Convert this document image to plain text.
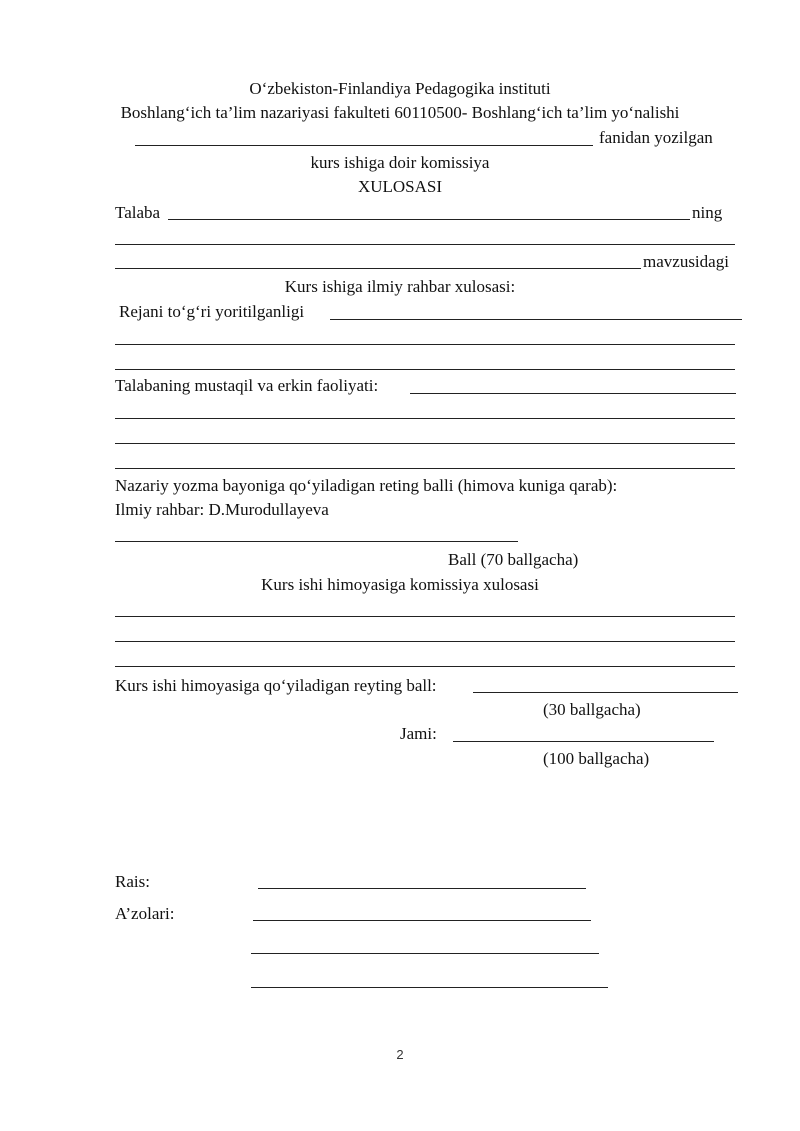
O‘zbekiston-Finlandiya Pedagogika instituti
Boshlang‘ich ta’lim nazariyasi fakulteti 60110500- Boshlang‘ich ta’lim yo‘nalishi
fanidan yozilgan
kurs ishiga doir komissiya
XULOSASI
Talaba	ning
mavzusidagi
Kurs ishiga ilmiy rahbar xulosasi:
Rejani to‘g‘ri yoritilganligi
Talabaning mustaqil va erkin faoliyati:
Nazariy yozma bayoniga qo‘yiladigan reting balli (himova kuniga qarab):
Ilmiy rahbar: D.Murodullayeva
Ball (70 ballgacha)
Kurs ishi himoyasiga komissiya xulosasi
Kurs ishi himoyasiga qo‘yiladigan reyting ball:
(30 ballgacha)
Jami:
(100 ballgacha)
Rais:
A’zolari:
2
